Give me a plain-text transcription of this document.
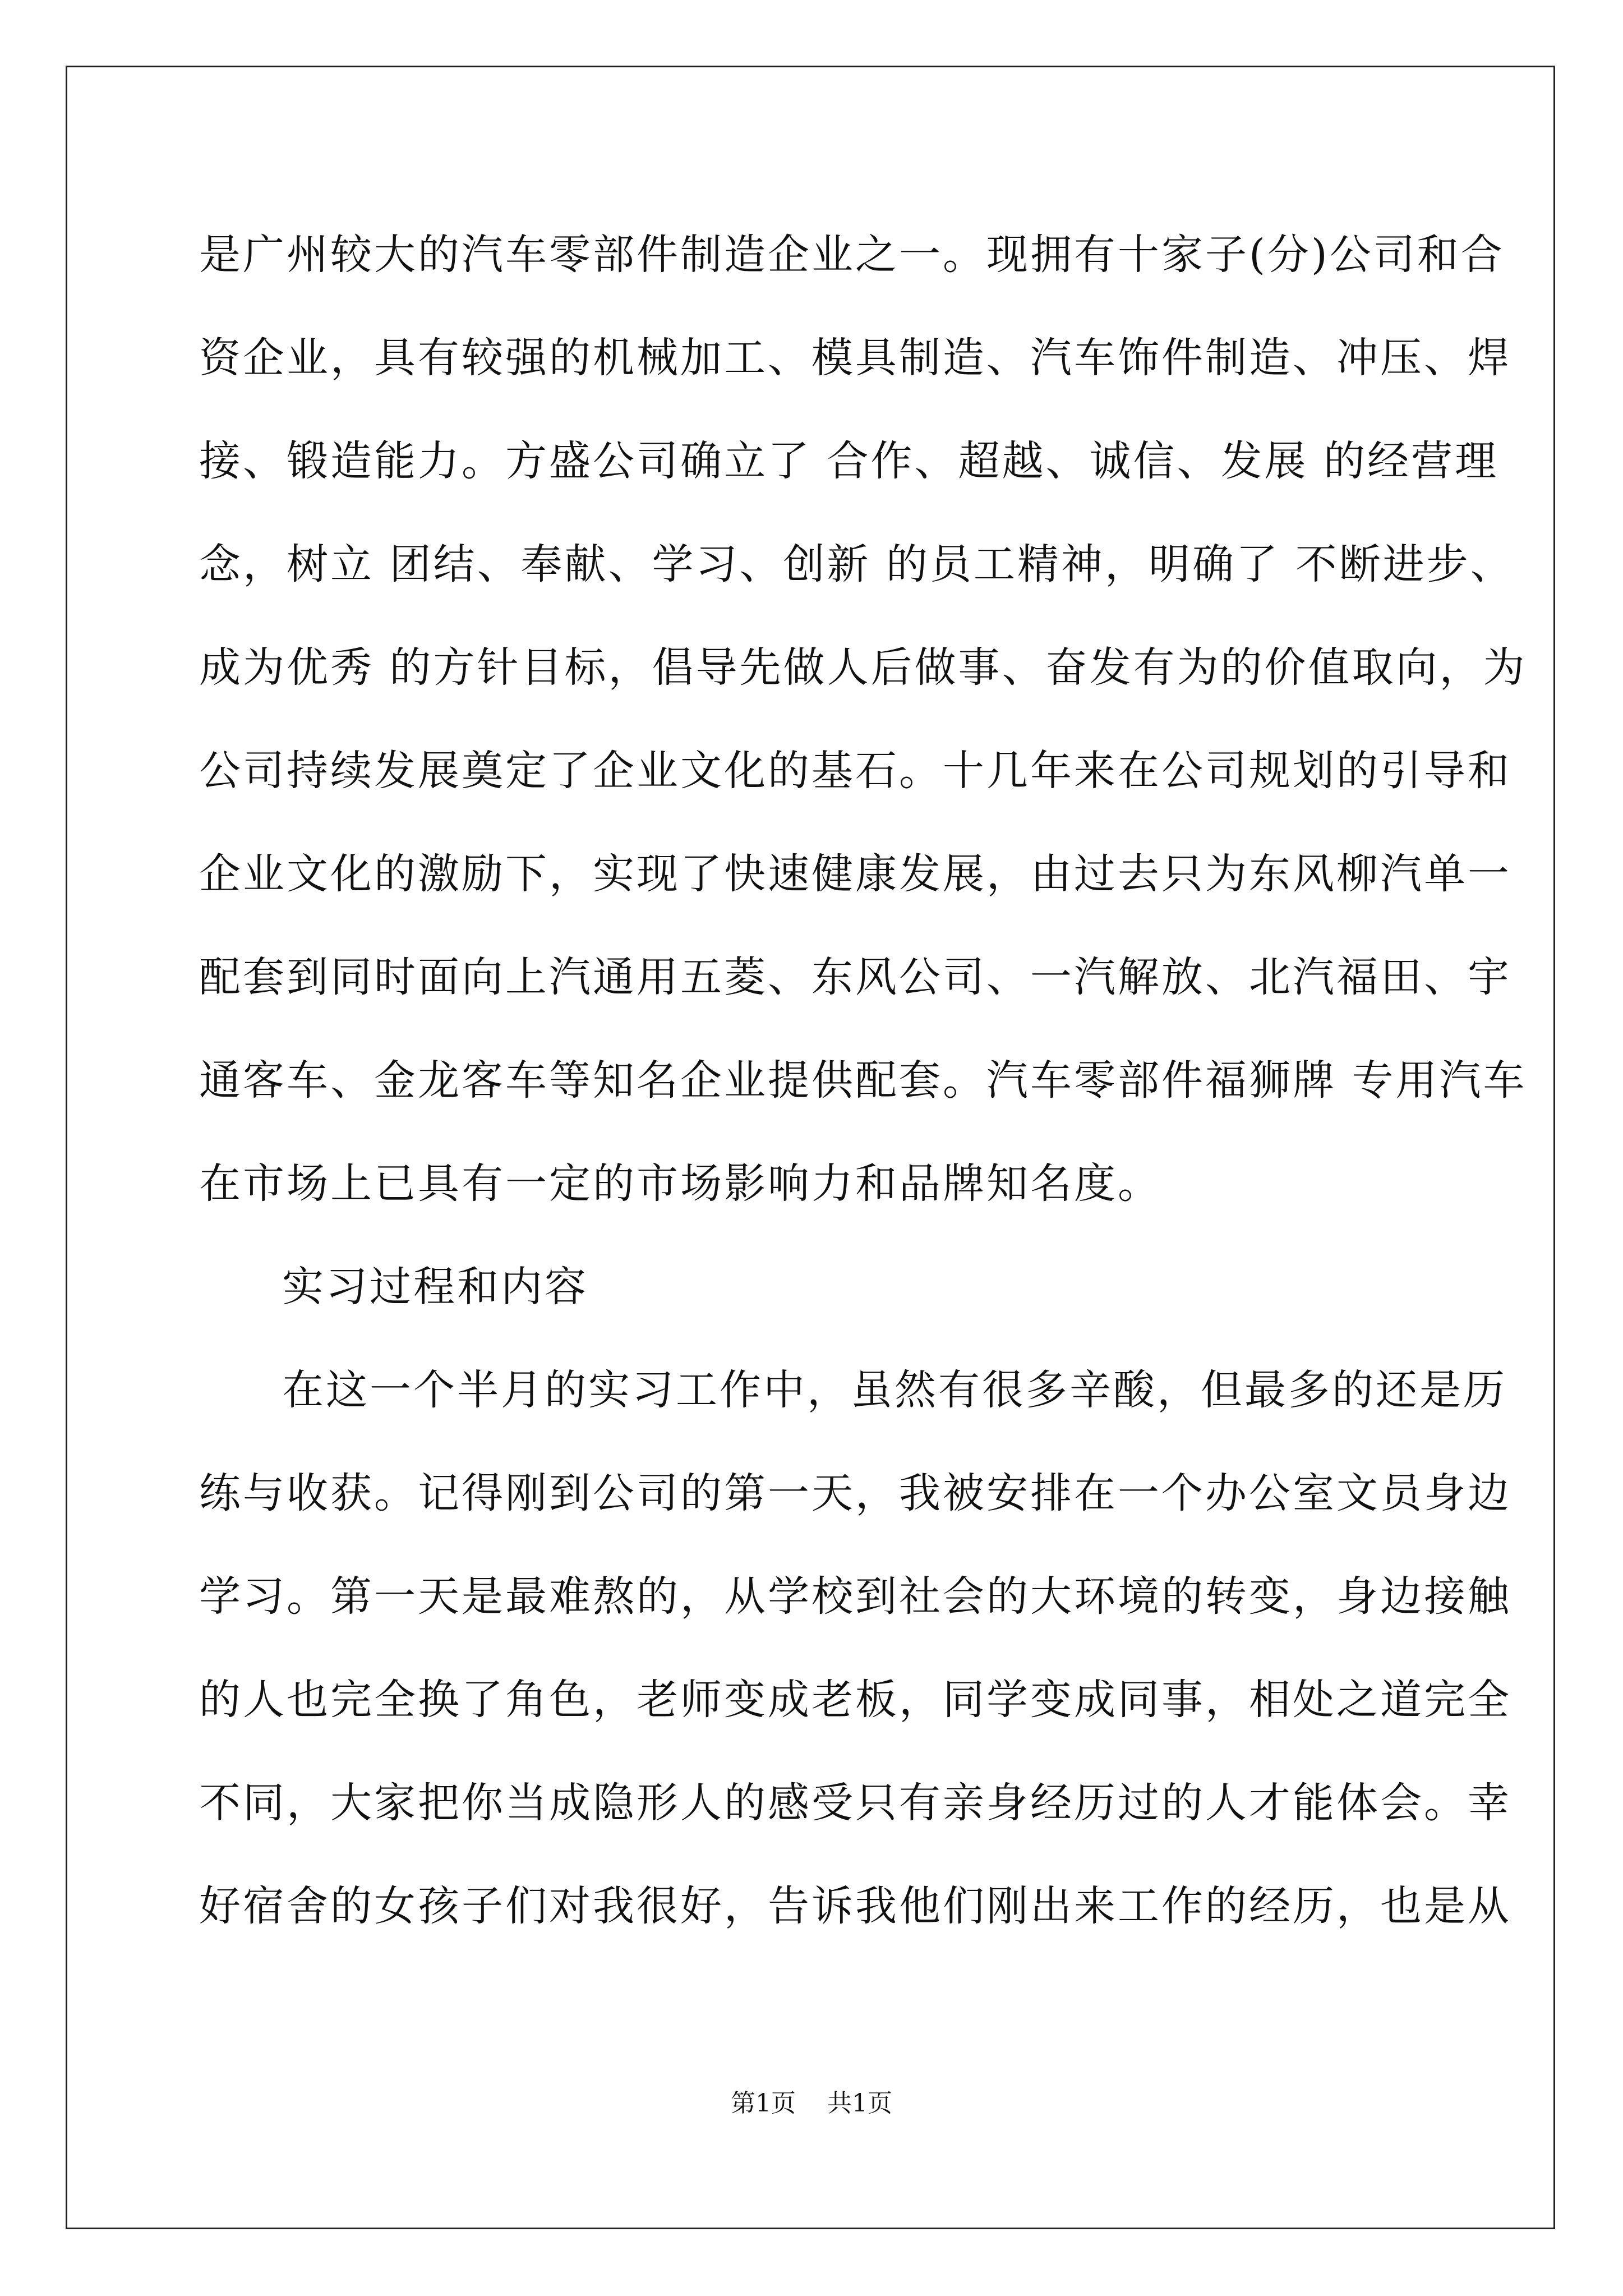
是广州较大的汽车零部件制造企业之一。现拥有十家子(分)公司和合
资企业，具有较强的机械加工、模具制造、汽车饰件制造、冲压、焊
接、锻造能力。方盛公司确立了 合作、超越、诚信、发展 的经营理
念，树立 团结、奉献、学习、创新 的员工精神，明确了 不断进步、
成为优秀 的方针目标，倡导先做人后做事、奋发有为的价值取向，为
公司持续发展奠定了企业文化的基石。十几年来在公司规划的引导和
企业文化的激励下，实现了快速健康发展，由过去只为东风柳汽单一
配套到同时面向上汽通用五菱、东风公司、一汽解放、北汽福田、宇
通客车、金龙客车等知名企业提供配套。汽车零部件福狮牌 专用汽车
在市场上已具有一定的市场影响力和品牌知名度。
实习过程和内容
在这一个半月的实习工作中，虽然有很多辛酸，但最多的还是历
练与收获。记得刚到公司的第一天，我被安排在一个办公室文员身边
学习。第一天是最难熬的，从学校到社会的大环境的转变，身边接触
的人也完全换了角色，老师变成老板，同学变成同事，相处之道完全
不同，大家把你当成隐形人的感受只有亲身经历过的人才能体会。幸
好宿舍的女孩子们对我很好，告诉我他们刚出来工作的经历，也是从
第1页 共1页
